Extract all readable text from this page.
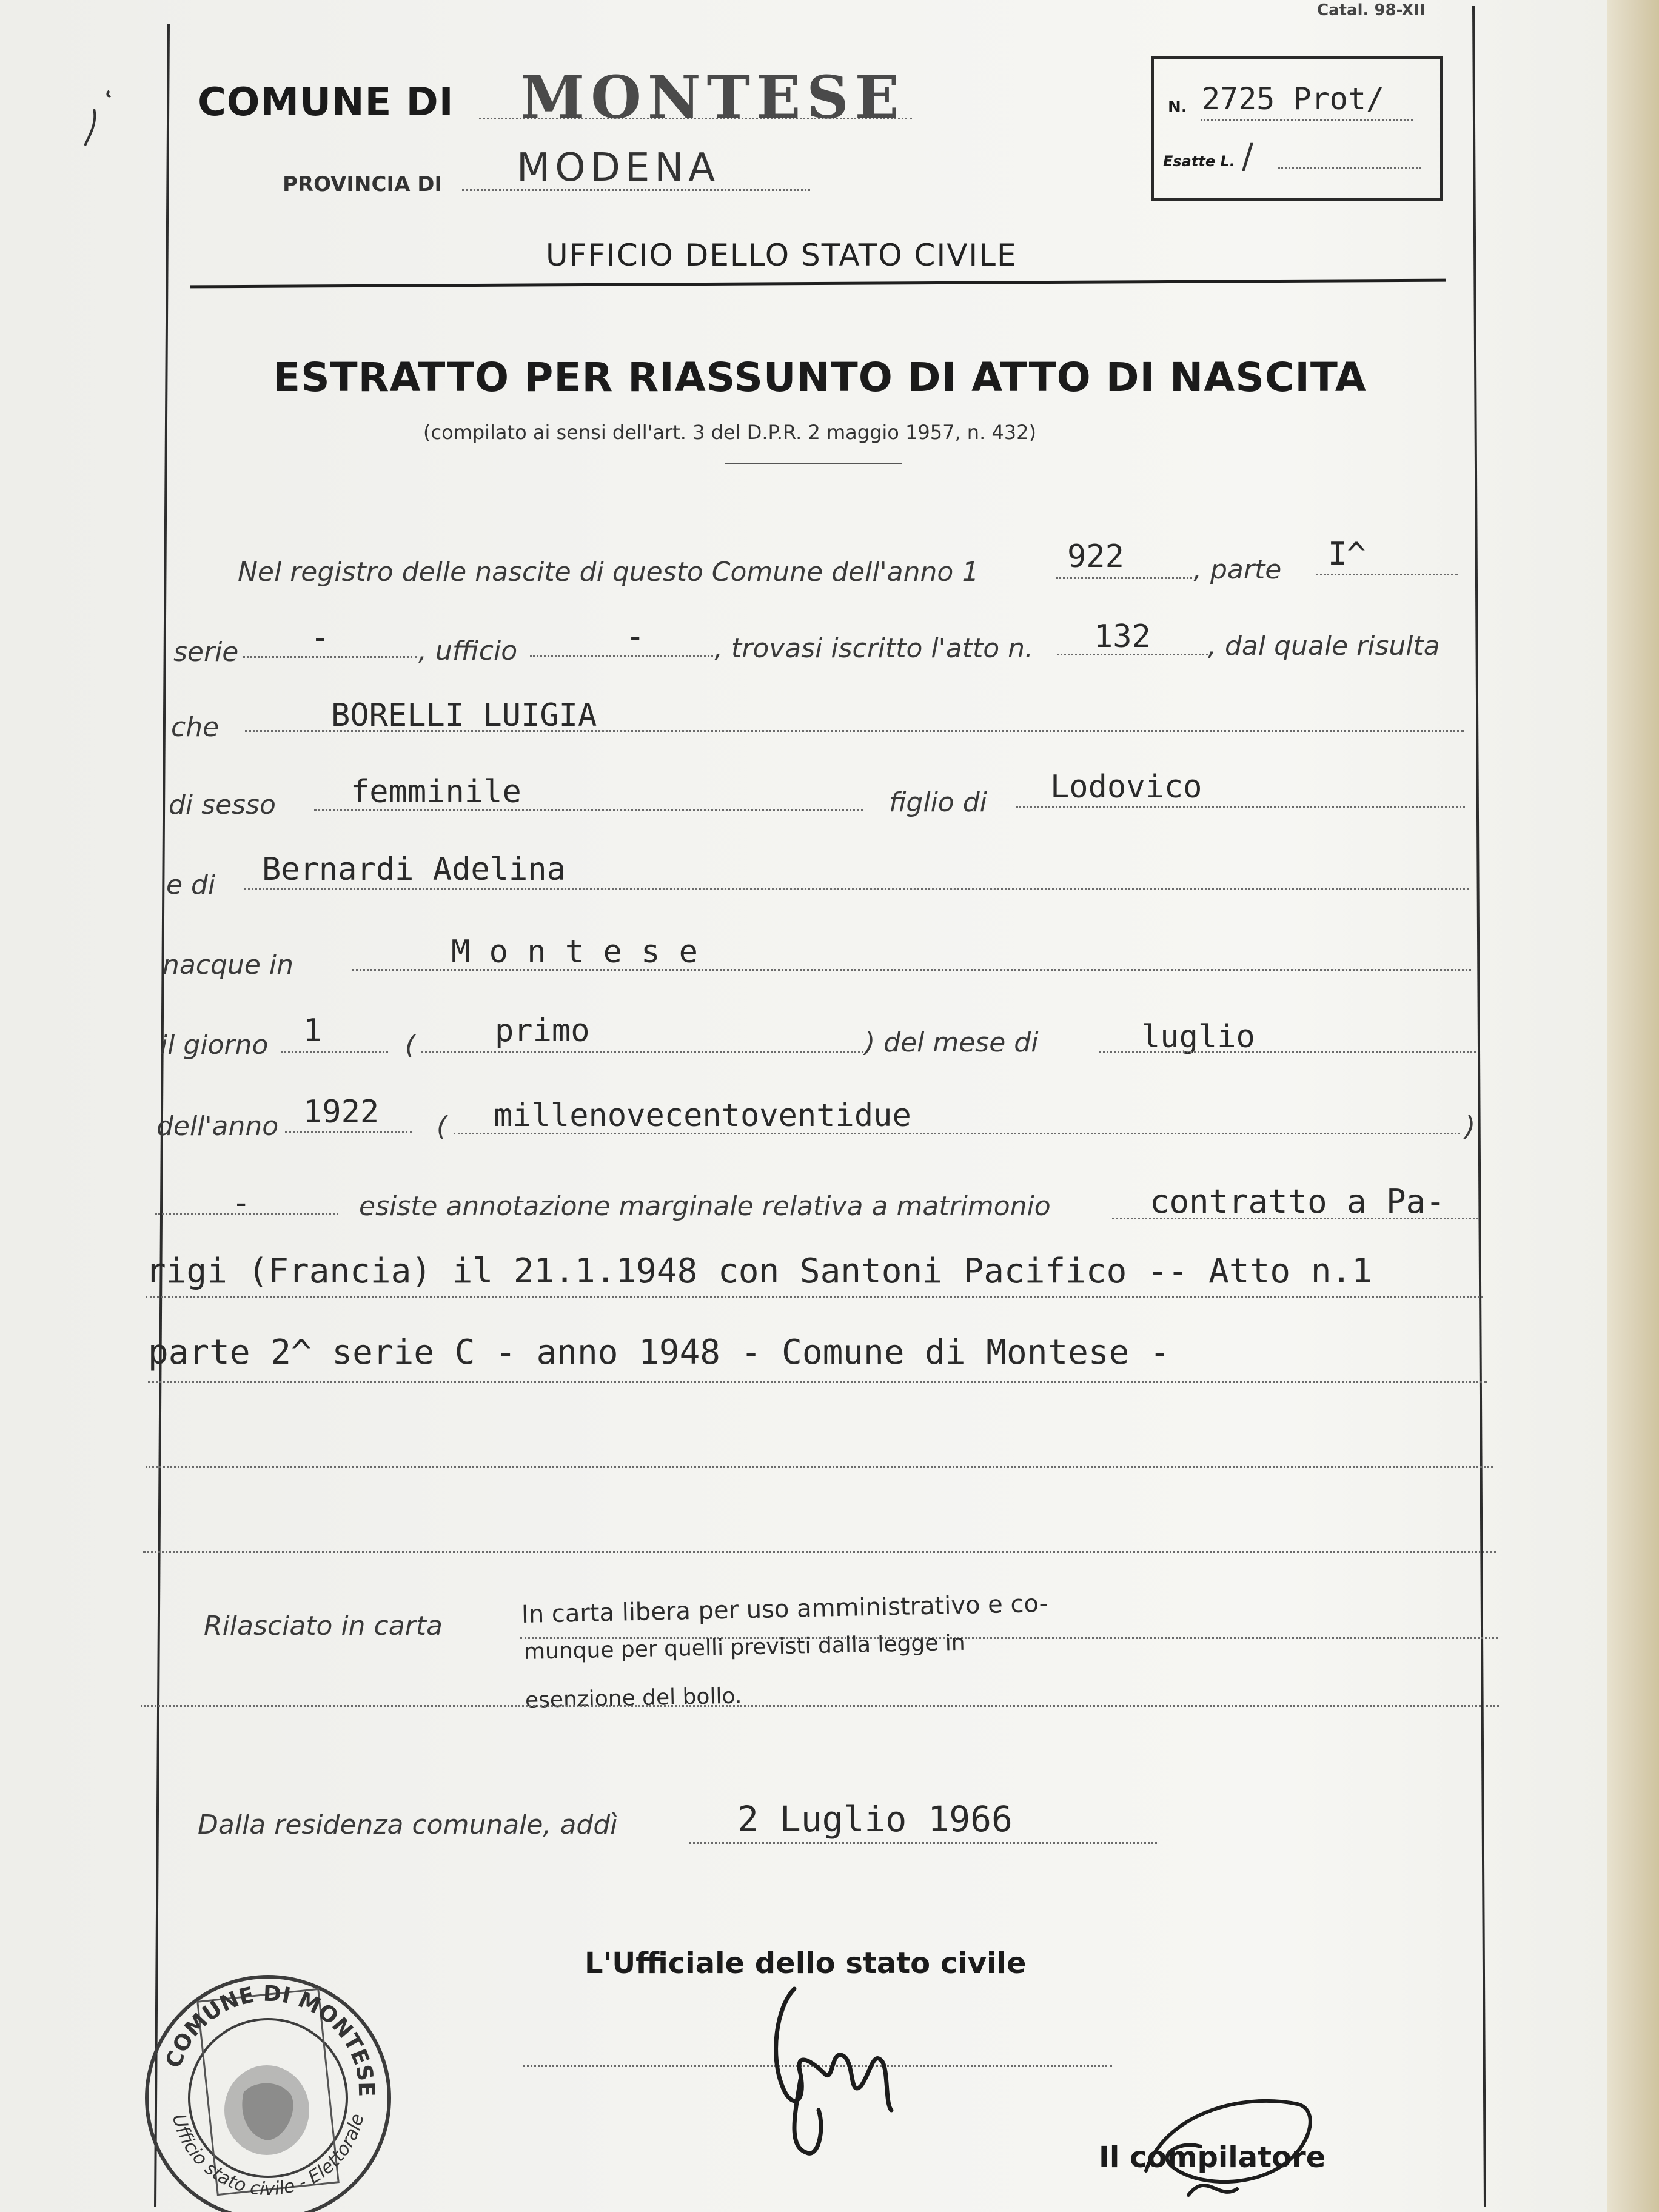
Catal. 98-XII
COMUNE DI MONTESE
PROVINCIA DI MODENA
UFFICIO DELLO STATO CIVILE
N. 2725 Prot/
Esatte L. /
ESTRATTO PER RIASSUNTO DI ATTO DI NASCITA
(compilato ai sensi dell'art. 3 del D.P.R. 2 maggio 1957, n. 432)
Nel registro delle nascite di questo Comune dell'anno 1	922	, parte I^
serie -	, ufficio	-	, trovasi iscritto l'atto n. 132 , dal quale risulta
che	BORELLI LUIGIA
di sesso femminile	figlio di Lodovico
e di Bernardi Adelina
nacque in	M o n t e s e
il giorno 1	(	primo	) del mese di	luglio
dell'anno 1922 ( millenovecentoventidue	)
-	esiste annotazione marginale relativa a matrimonio	contratto a Pa-
rigi (Francia) il 21.1.1948 con Santoni Pacifico -- Atto n.1
parte 2^ serie C - anno 1948 - Comune di Montese -
Rilasciato in carta	In carta libera per uso amministrativo e co-
munque per quelli previsti dalla legge in
esenzione del bollo.
Dalla residenza comunale, addì	2 Luglio 1966
L'Ufficiale dello stato civile
Il compilatore
COMUNE DI MONTESE
Ufficio stato civile - Elettorale
